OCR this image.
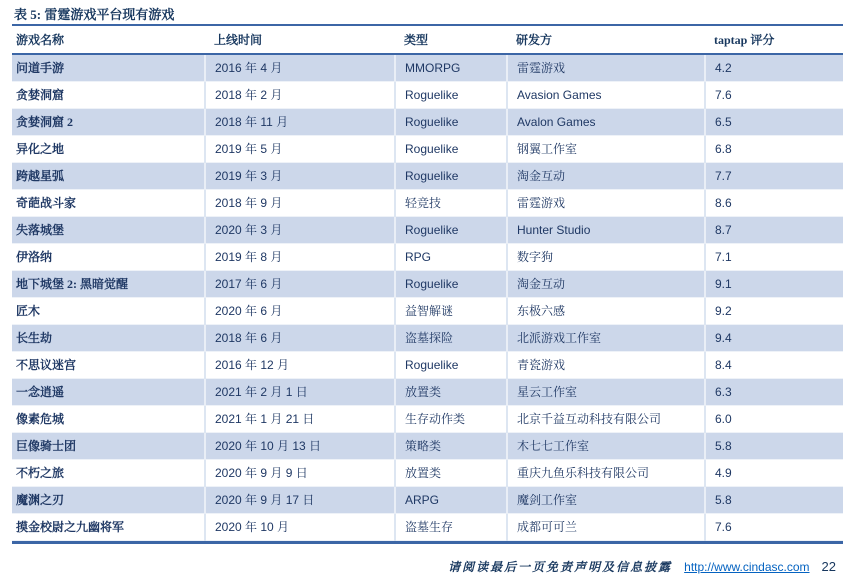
表 5: 雷霆游戏平台现有游戏
游戏名称	上线时间	类型	研发方	taptap 评分
问道手游	2016 年 4 月	MMORPG	雷霆游戏	4.2
贪婪洞窟	2018 年 2 月	Roguelike	Avasion Games	7.6
贪婪洞窟 2	2018 年 11 月	Roguelike	Avalon Games	6.5
异化之地	2019 年 5 月	Roguelike	钢翼工作室	6.8
跨越星弧	2019 年 3 月	Roguelike	淘金互动	7.7
奇葩战斗家	2018 年 9 月	轻竞技	雷霆游戏	8.6
失落城堡	2020 年 3 月	Roguelike	Hunter Studio	8.7
伊洛纳	2019 年 8 月	RPG	数字狗	7.1
地下城堡 2: 黑暗觉醒	2017 年 6 月	Roguelike	淘金互动	9.1
匠木	2020 年 6 月	益智解谜	东极六感	9.2
长生劫	2018 年 6 月	盗墓探险	北派游戏工作室	9.4
不思议迷宫	2016 年 12 月	Roguelike	青瓷游戏	8.4
一念逍遥	2021 年 2 月 1 日	放置类	星云工作室	6.3
像素危城	2021 年 1 月 21 日	生存动作类	北京千益互动科技有限公司	6.0
巨像骑士团	2020 年 10 月 13 日	策略类	木七七工作室	5.8
不朽之旅	2020 年 9 月 9 日	放置类	重庆九鱼乐科技有限公司	4.9
魔渊之刃	2020 年 9 月 17 日	ARPG	魔剑工作室	5.8
摸金校尉之九幽将军	2020 年 10 月	盗墓生存	成都可可兰	7.6
请阅读最后一页免责声明及信息披露 http://www.cindasc.com 22
